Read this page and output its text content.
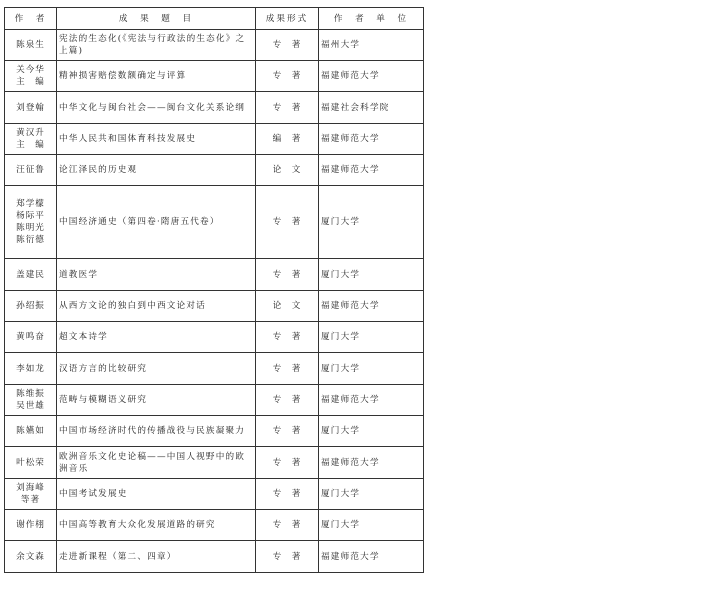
作　者	成　果　题　目	成果形式	作　者　单　位

陈泉生	宪法的生态化(《宪法与行政法的生态化》之上篇)	专　著	福州大学

关今华
主　编	精神损害赔偿数额确定与评算	专　著	福建师范大学

刘登翰	中华文化与闽台社会——闽台文化关系论纲	专　著	福建社会科学院

黄汉升
主　编	中华人民共和国体育科技发展史	编　著	福建师范大学

汪征鲁	论江泽民的历史观	论　文	福建师范大学

郑学檬
杨际平
陈明光
陈衍德	中国经济通史（第四卷·隋唐五代卷）	专　著	厦门大学

盖建民	道教医学	专　著	厦门大学

孙绍振	从西方文论的独白到中西文论对话	论　文	福建师范大学

黄鸣奋	超文本诗学	专　著	厦门大学

李如龙	汉语方言的比较研究	专　著	厦门大学

陈维振
吴世雄	范畴与模糊语义研究	专　著	福建师范大学

陈嬿如	中国市场经济时代的传播战役与民族凝聚力	专　著	厦门大学

叶松荣	欧洲音乐文化史论稿——中国人视野中的欧洲音乐	专　著	福建师范大学

刘海峰
等著	中国考试发展史	专　著	厦门大学

谢作栩	中国高等教育大众化发展道路的研究	专　著	厦门大学

余文森	走进新课程（第二、四章）	专　著	福建师范大学
